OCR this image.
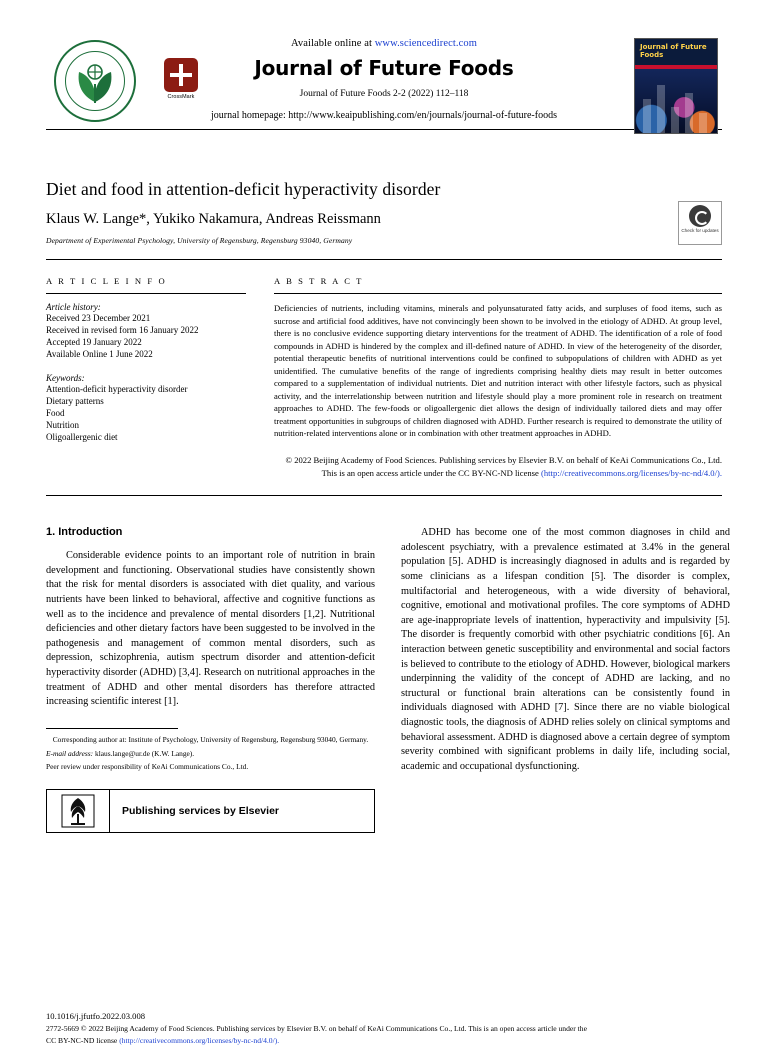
CrossMark
Journal of Future Foods
Available online at www.sciencedirect.com
Journal of Future Foods
Journal of Future Foods 2-2 (2022) 112–118
journal homepage: http://www.keaipublishing.com/en/journals/journal-of-future-foods
Check for updates
Diet and food in attention-deficit hyperactivity disorder
Klaus W. Lange*, Yukiko Nakamura, Andreas Reissmann
Department of Experimental Psychology, University of Regensburg, Regensburg 93040, Germany
A R T I C L E I N F O
Article history:
Received 23 December 2021
Received in revised form 16 January 2022
Accepted 19 January 2022
Available Online 1 June 2022
Keywords:
Attention-deficit hyperactivity disorder
Dietary patterns
Food
Nutrition
Oligoallergenic diet
A B S T R A C T
Deficiencies of nutrients, including vitamins, minerals and polyunsaturated fatty acids, and surpluses of food items, such as sucrose and artificial food additives, have not convincingly been shown to be involved in the etiology of ADHD. At group level, there is no conclusive evidence supporting dietary interventions for the treatment of ADHD. The identification of a role of food compounds in ADHD is hindered by the complex and ill-defined nature of ADHD. In view of the heterogeneity of the disorder, potential therapeutic benefits of nutritional interventions could be confined to subpopulations of children with ADHD as yet unidentified. The cumulative benefits of the range of ingredients comprising healthy diets may result in better outcomes compared to a supplementation of individual nutrients. Diet and nutrition interact with other lifestyle factors, such as physical activity, and the interrelationship between nutrition and lifestyle should play a more prominent role in research on treatment approaches to ADHD. The few-foods or oligoallergenic diet allows the design of individually tailored diets and may offer treatment opportunities in subgroups of children diagnosed with ADHD. Further research is required to demonstrate the utility of nutrition-related interventions alone or in combination with other treatment approaches in ADHD.
© 2022 Beijing Academy of Food Sciences. Publishing services by Elsevier B.V. on behalf of KeAi Communications Co., Ltd. This is an open access article under the CC BY-NC-ND license (http://creativecommons.org/licenses/by-nc-nd/4.0/).
1. Introduction
Considerable evidence points to an important role of nutrition in brain development and functioning. Observational studies have consistently shown that the risk for mental disorders is associated with diet quality, and various nutrients have been linked to behavioral, affective and cognitive functions as well as to the incidence and prevalence of mental disorders [1,2]. Nutritional deficiencies and other dietary factors have been suggested to be involved in the pathogenesis and management of common mental disorders, such as depression, schizophrenia, autism spectrum disorder and attention-deficit hyperactivity disorder (ADHD) [3,4]. Research on nutritional approaches in the treatment of ADHD and other mental disorders has therefore attracted increasing scientific interest [1].
Corresponding author at: Institute of Psychology, University of Regensburg, Regensburg 93040, Germany.
E-mail address: klaus.lange@ur.de (K.W. Lange).
Peer review under responsibility of KeAi Communications Co., Ltd.
Publishing services by Elsevier
ADHD has become one of the most common diagnoses in child and adolescent psychiatry, with a prevalence estimated at 3.4% in the general population [5]. ADHD is increasingly diagnosed in adults and is regarded by some clinicians as a lifespan condition [5]. The disorder is complex, multifactorial and heterogeneous, with a wide diversity of behavioral, cognitive, emotional and motivational profiles. The core symptoms of ADHD are age-inappropriate levels of inattention, hyperactivity and impulsivity [5]. The disorder is frequently comorbid with other psychiatric conditions [6]. An interaction between genetic susceptibility and environmental and social factors is believed to contribute to the etiology of ADHD. However, biological markers underpinning the validity of the concept of ADHD are lacking, and no structural or functional brain alterations can be consistently found in individuals diagnosed with ADHD [7]. Since there are no viable biological diagnostic tools, the diagnosis of ADHD relies solely on clinical symptoms and behavioral assessment. ADHD is diagnosed above a certain degree of symptom severity combined with significant problems in daily life, including social, academic and occupational dysfunctioning.
10.1016/j.jfutfo.2022.03.008
2772-5669 © 2022 Beijing Academy of Food Sciences. Publishing services by Elsevier B.V. on behalf of KeAi Communications Co., Ltd. This is an open access article under the
CC BY-NC-ND license (http://creativecommons.org/licenses/by-nc-nd/4.0/).
